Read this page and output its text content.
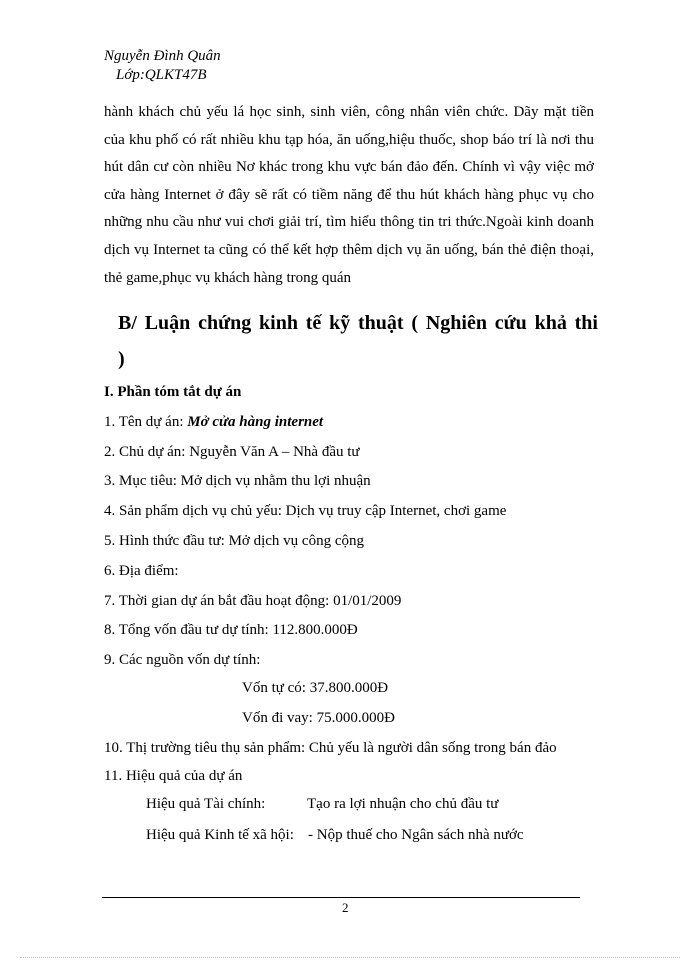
Nguyễn Đình Quân
Lớp:QLKT47B

hành khách chủ yếu lá học sinh, sinh viên, công nhân viên chức. Dãy mặt tiền của khu phố có rất nhiều khu tạp hóa, ăn uống,hiệu thuốc, shop báo trí là nơi thu hút dân cư còn nhiều Nơ khác trong khu vực bán đảo đến. Chính vì vậy việc mở cửa hàng Internet ở đây sẽ rất có tiềm năng để thu hút khách hàng phục vụ cho những nhu cầu như vui chơi giải trí, tìm hiểu thông tin tri thức.Ngoài kinh doanh dịch vụ Internet ta cũng có thể kết hợp thêm dịch vụ ăn uống, bán thẻ điện thoại, thẻ game,phục vụ khách hàng trong quán

B/ Luận chứng kinh tế kỹ thuật ( Nghiên cứu khả thi
)
I. Phần tóm tắt dự án
1. Tên dự án: Mở cửa hàng internet
2. Chủ dự án: Nguyễn Văn A – Nhà đầu tư
3. Mục tiêu: Mở dịch vụ nhằm thu lợi nhuận
4. Sản phẩm dịch vụ chủ yếu: Dịch vụ truy cập Internet, chơi game
5. Hình thức đầu tư: Mở dịch vụ công cộng
6. Địa điểm:
7. Thời gian dự án bắt đầu hoạt động: 01/01/2009
8. Tổng vốn đầu tư dự tính: 112.800.000Đ
9. Các nguồn vốn dự tính:
Vốn tự có: 37.800.000Đ
Vốn đi vay: 75.000.000Đ
10. Thị trường tiêu thụ sản phẩm: Chủ yếu là người dân sống trong bán đảo
11. Hiệu quả của dự án
Hiệu quả Tài chính:	Tạo ra lợi nhuận cho chủ đầu tư
Hiệu quả Kinh tế xã hội: - Nộp thuế cho Ngân sách nhà nước
2
